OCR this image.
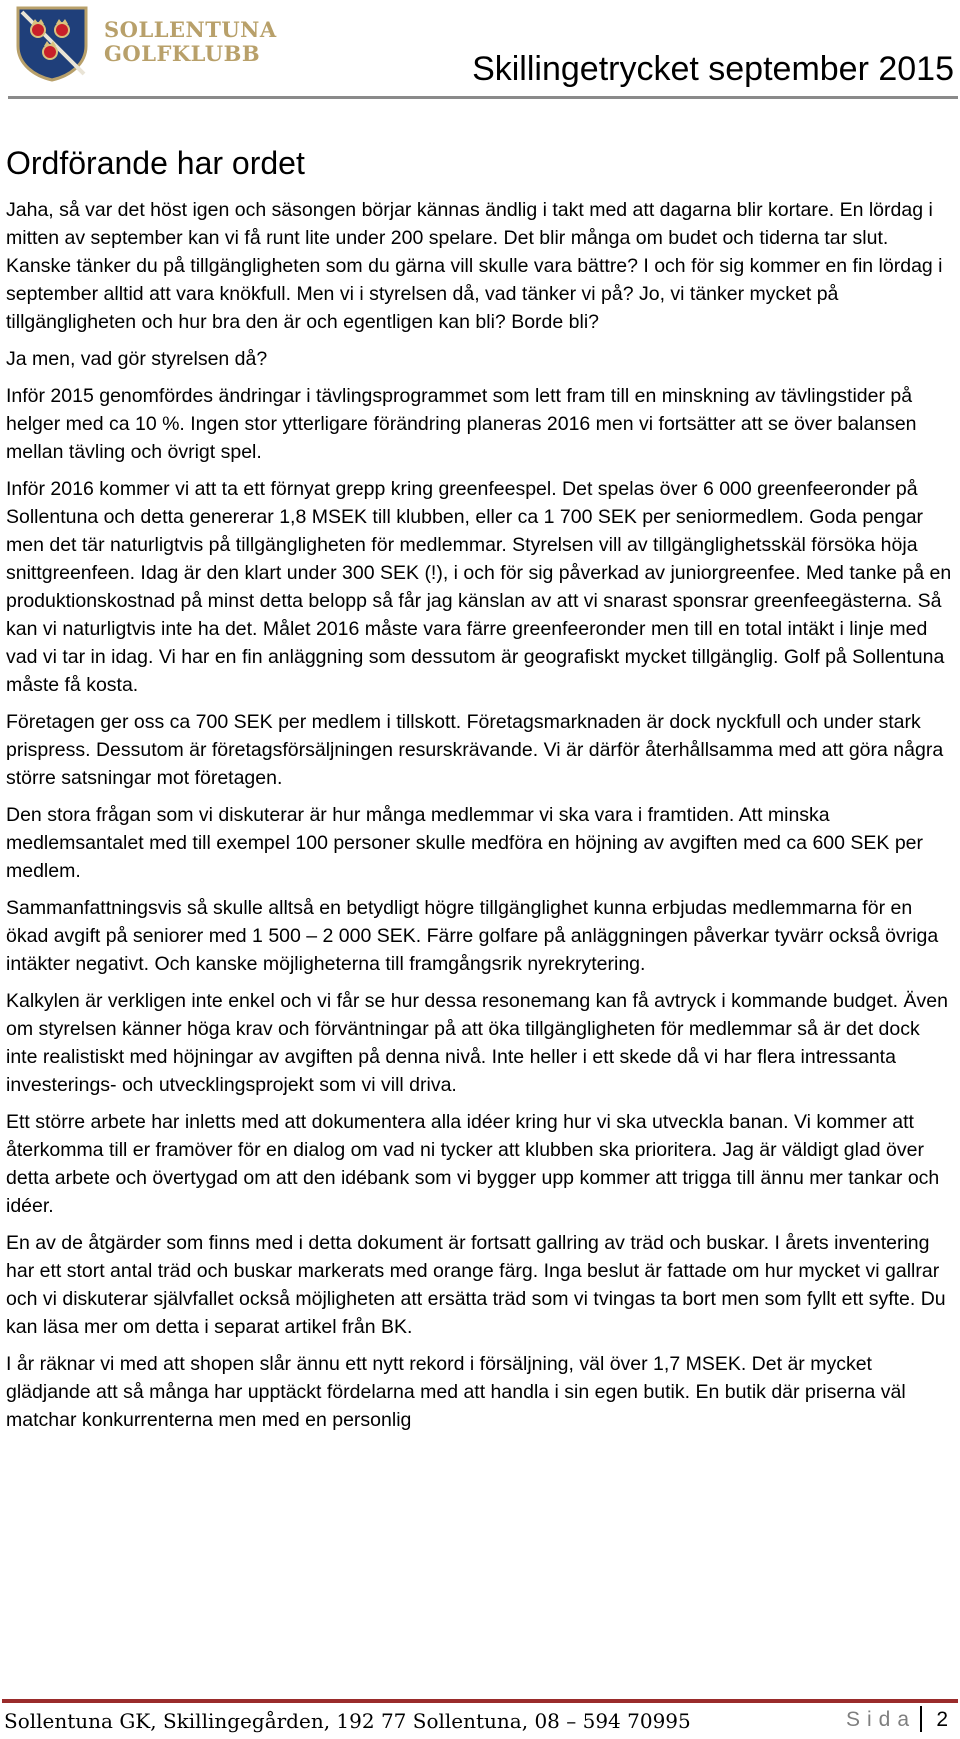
SOLLENTUNA
GOLFKLUBB	Skillingetrycket september 2015
Ordförande har ordet

Jaha, så var det höst igen och säsongen börjar kännas ändlig i takt med att dagarna blir kortare. En lördag i mitten av september kan vi få runt lite under 200 spelare. Det blir många om budet och tiderna tar slut. Kanske tänker du på tillgängligheten som du gärna vill skulle vara bättre? I och för sig kommer en fin lördag i september alltid att vara knökfull. Men vi i styrelsen då, vad tänker vi på? Jo, vi tänker mycket på tillgängligheten och hur bra den är och egentligen kan bli? Borde bli?

Ja men, vad gör styrelsen då?

Inför 2015 genomfördes ändringar i tävlingsprogrammet som lett fram till en minskning av tävlingstider på helger med ca 10 %. Ingen stor ytterligare förändring planeras 2016 men vi fortsätter att se över balansen mellan tävling och övrigt spel.

Inför 2016 kommer vi att ta ett förnyat grepp kring greenfeespel. Det spelas över 6 000 greenfeeronder på Sollentuna och detta genererar 1,8 MSEK till klubben, eller ca 1 700 SEK per seniormedlem. Goda pengar men det tär naturligtvis på tillgängligheten för medlemmar. Styrelsen vill av tillgänglighetsskäl försöka höja snittgreenfeen. Idag är den klart under 300 SEK (!), i och för sig påverkad av juniorgreenfee. Med tanke på en produktionskostnad på minst detta belopp så får jag känslan av att vi snarast sponsrar greenfeegästerna. Så kan vi naturligtvis inte ha det. Målet 2016 måste vara färre greenfeeronder men till en total intäkt i linje med vad vi tar in idag. Vi har en fin anläggning som dessutom är geografiskt mycket tillgänglig. Golf på Sollentuna måste få kosta.

Företagen ger oss ca 700 SEK per medlem i tillskott. Företagsmarknaden är dock nyckfull och under stark prispress. Dessutom är företagsförsäljningen resurskrävande. Vi är därför återhållsamma med att göra några större satsningar mot företagen.

Den stora frågan som vi diskuterar är hur många medlemmar vi ska vara i framtiden. Att minska medlemsantalet med till exempel 100 personer skulle medföra en höjning av avgiften med ca 600 SEK per medlem.

Sammanfattningsvis så skulle alltså en betydligt högre tillgänglighet kunna erbjudas medlemmarna för en ökad avgift på seniorer med 1 500 – 2 000 SEK. Färre golfare på anläggningen påverkar tyvärr också övriga intäkter negativt. Och kanske möjligheterna till framgångsrik nyrekrytering.

Kalkylen är verkligen inte enkel och vi får se hur dessa resonemang kan få avtryck i kommande budget. Även om styrelsen känner höga krav och förväntningar på att öka tillgängligheten för medlemmar så är det dock inte realistiskt med höjningar av avgiften på denna nivå. Inte heller i ett skede då vi har flera intressanta investerings- och utvecklingsprojekt som vi vill driva.

Ett större arbete har inletts med att dokumentera alla idéer kring hur vi ska utveckla banan. Vi kommer att återkomma till er framöver för en dialog om vad ni tycker att klubben ska prioritera. Jag är väldigt glad över detta arbete och övertygad om att den idébank som vi bygger upp kommer att trigga till ännu mer tankar och idéer.

En av de åtgärder som finns med i detta dokument är fortsatt gallring av träd och buskar. I årets inventering har ett stort antal träd och buskar markerats med orange färg. Inga beslut är fattade om hur mycket vi gallrar och vi diskuterar självfallet också möjligheten att ersätta träd som vi tvingas ta bort men som fyllt ett syfte. Du kan läsa mer om detta i separat artikel från BK.

I år räknar vi med att shopen slår ännu ett nytt rekord i försäljning, väl över 1,7 MSEK. Det är mycket glädjande att så många har upptäckt fördelarna med att handla i sin egen butik. En butik där priserna väl matchar konkurrenterna men med en personlig

Sollentuna GK, Skillingegården, 192 77 Sollentuna, 08 – 594 70995	Sida 2
